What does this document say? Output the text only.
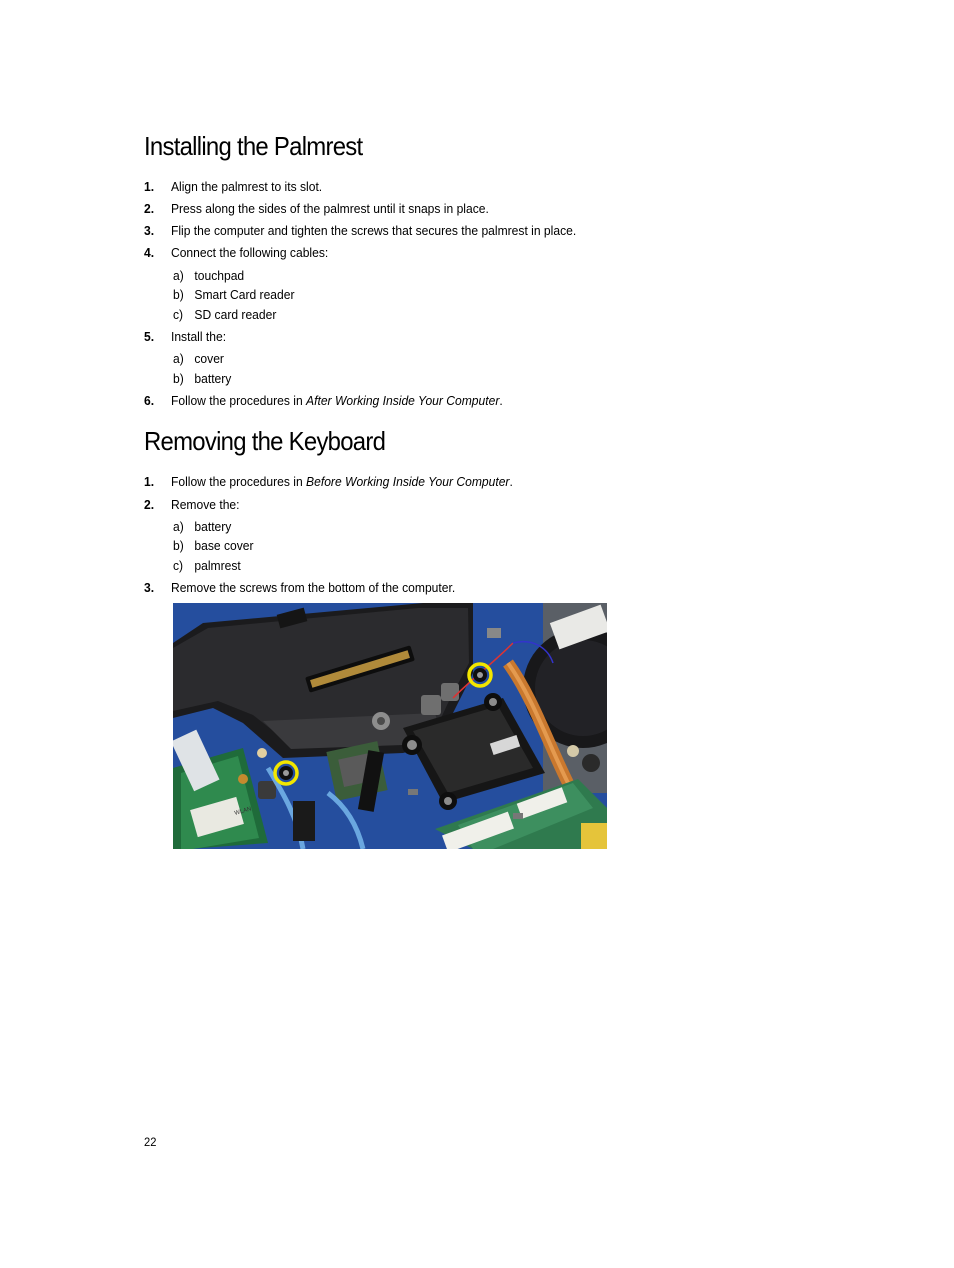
Installing the Palmrest
1. Align the palmrest to its slot.
2. Press along the sides of the palmrest until it snaps in place.
3. Flip the computer and tighten the screws that secures the palmrest in place.
4. Connect the following cables:
a) touchpad
b) Smart Card reader
c) SD card reader
5. Install the:
a) cover
b) battery
6. Follow the procedures in After Working Inside Your Computer.
Removing the Keyboard
1. Follow the procedures in Before Working Inside Your Computer.
2. Remove the:
a) battery
b) base cover
c) palmrest
3. Remove the screws from the bottom of the computer.
WLAN
22
